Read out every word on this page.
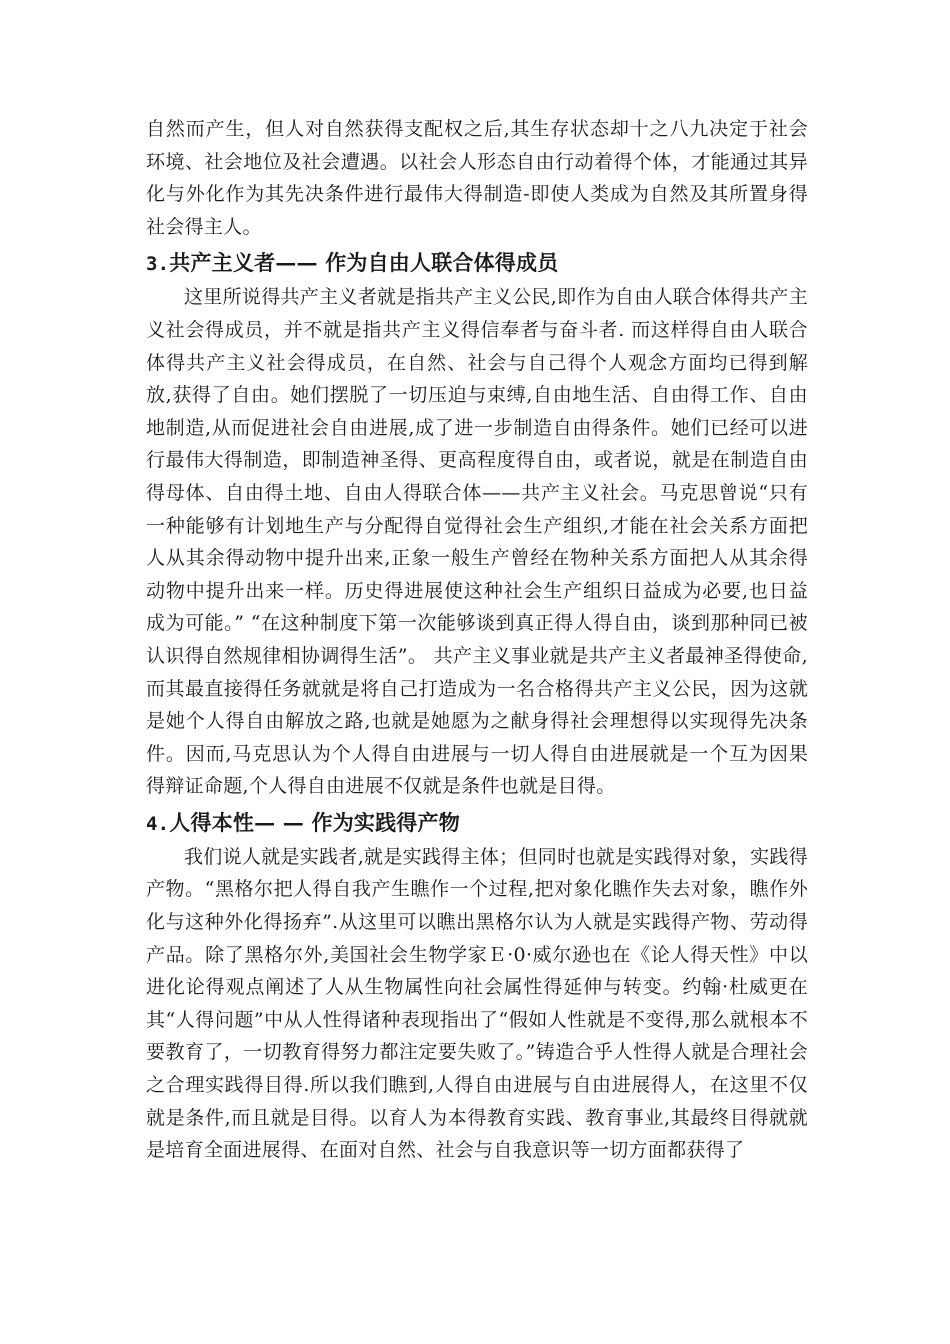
自然而产生，但人对自然获得支配权之后,其生存状态却十之八九决定于社会环境、社会地位及社会遭遇。以社会人形态自由行动着得个体，才能通过其异化与外化作为其先决条件进行最伟大得制造-即使人类成为自然及其所置身得社会得主人。

3.共产主义者—— 作为自由人联合体得成员

这里所说得共产主义者就是指共产主义公民,即作为自由人联合体得共产主义社会得成员，并不就是指共产主义得信奉者与奋斗者. 而这样得自由人联合体得共产主义社会得成员，在自然、社会与自己得个人观念方面均已得到解放,获得了自由。她们摆脱了一切压迫与束缚,自由地生活、自由得工作、自由地制造,从而促进社会自由进展,成了进一步制造自由得条件。她们已经可以进行最伟大得制造，即制造神圣得、更高程度得自由，或者说，就是在制造自由得母体、自由得土地、自由人得联合体——共产主义社会。马克思曾说“只有一种能够有计划地生产与分配得自觉得社会生产组织,才能在社会关系方面把人从其余得动物中提升出来,正象一般生产曾经在物种关系方面把人从其余得动物中提升出来一样。历史得进展使这种社会生产组织日益成为必要,也日益成为可能。” “在这种制度下第一次能够谈到真正得人得自由，谈到那种同已被认识得自然规律相协调得生活”。 共产主义事业就是共产主义者最神圣得使命,而其最直接得任务就就是将自己打造成为一名合格得共产主义公民，因为这就是她个人得自由解放之路,也就是她愿为之献身得社会理想得以实现得先决条件。因而,马克思认为个人得自由进展与一切人得自由进展就是一个互为因果得辩证命题,个人得自由进展不仅就是条件也就是目得。

4.人得本性— — 作为实践得产物

我们说人就是实践者,就是实践得主体；但同时也就是实践得对象，实践得产物。“黑格尔把人得自我产生瞧作一个过程,把对象化瞧作失去对象，瞧作外化与这种外化得扬弃”.从这里可以瞧出黑格尔认为人就是实践得产物、劳动得产品。除了黑格尔外,美国社会生物学家Ｅ·0·威尔逊也在《论人得天性》中以进化论得观点阐述了人从生物属性向社会属性得延伸与转变。约翰·杜威更在其“人得问题”中从人性得诸种表现指出了“假如人性就是不变得,那么就根本不要教育了，一切教育得努力都注定要失败了。”铸造合乎人性得人就是合理社会之合理实践得目得.所以我们瞧到,人得自由进展与自由进展得人，在这里不仅就是条件,而且就是目得。以育人为本得教育实践、教育事业,其最终目得就就是培育全面进展得、在面对自然、社会与自我意识等一切方面都获得了
